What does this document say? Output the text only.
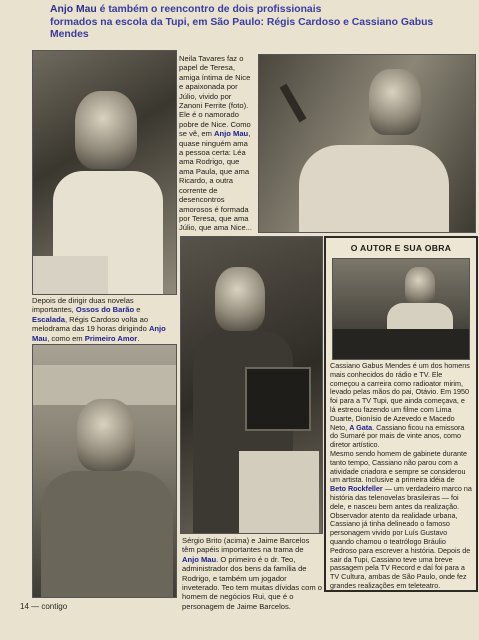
Anjo Mau é também o reencontro de dois profissionais
formados na escola da Tupi, em São Paulo: Régis Cardoso e Cassiano Gabus Mendes
Neila Tavares faz o papel de Teresa, amiga íntima de Nice e apaixonada por Júlio, vivido por Zanoni Ferrite (foto). Ele é o namorado pobre de Nice. Como se vê, em Anjo Mau, quase ninguém ama a pessoa certa: Léa ama Rodrigo, que ama Paula, que ama Ricardo, a outra corrente de desencontros amorosos é formada por Teresa, que ama Júlio, que ama Nice...
Depois de dirigir duas novelas importantes, Ossos do Barão e Escalada, Régis Cardoso volta ao melodrama das 19 horas dirigindo Anjo Mau, como em Primeiro Amor.
Sérgio Brito (acima) e Jaime Barcelos têm papéis importantes na trama de Anjo Mau. O primeiro é o dr. Teo, administrador dos bens da família de Rodrigo, e também um jogador inveterado. Teo tem muitas dívidas com o homem de negócios Rui, que é o personagem de Jaime Barcelos.
O AUTOR E SUA OBRA
Cassiano Gabus Mendes é um dos homens mais conhecidos do rádio e TV. Ele começou a carreira como radioator mirim, levado pelas mãos do pai, Otávio. Em 1950 foi para a TV Tupi, que ainda começava, e lá estreou fazendo um filme com Lima Duarte, Dionísio de Azevedo e Macedo Neto, A Gata. Cassiano ficou na emissora do Sumaré por mais de vinte anos, como diretor artístico.
Mesmo sendo homem de gabinete durante tanto tempo, Cassiano não parou com a atividade criadora e sempre se considerou um artista. Inclusive a primeira idéia de Beto Rockfeller — um verdadeiro marco na história das telenovelas brasileiras — foi dele, e nasceu bem antes da realização. Observador atento da realidade urbana, Cassiano já tinha delineado o famoso personagem vivido por Luís Gustavo quando chamou o teatrólogo Bráulio Pedroso para escrever a história. Depois de sair da Tupi, Cassiano teve uma breve passagem pela TV Record e daí foi para a TV Cultura, ambas de São Paulo, onde fez grandes realizações em teleteatro.
14 — contigo
